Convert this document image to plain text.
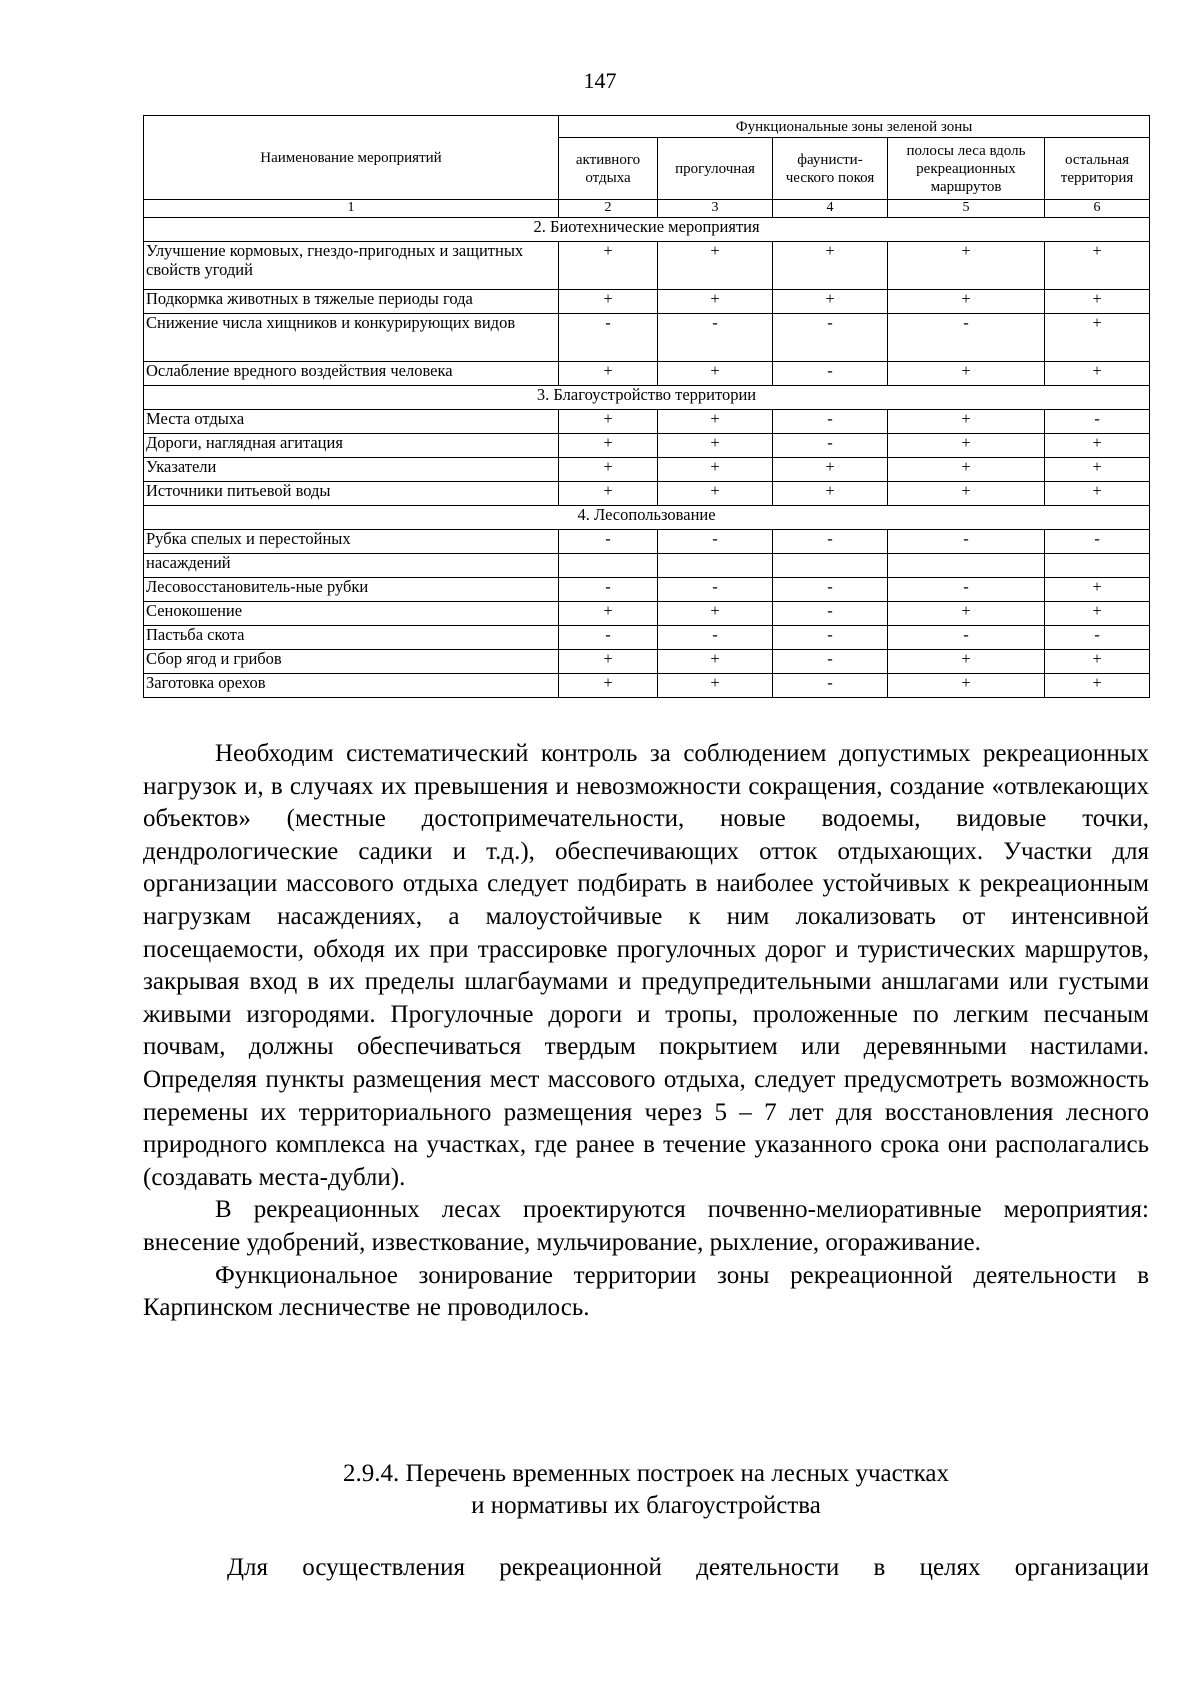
147
Наименование мероприятий	Функциональные зоны зеленой зоны				
	активного отдыха	прогулочная	фаунисти-ческого покоя	полосы леса вдоль рекреационных маршрутов	остальная территория
1	2	3	4	5	6
2. Биотехнические мероприятия					
Улучшение кормовых, гнездо-пригодных и защитных свойств угодий	+	+	+	+	+
Подкормка животных в тяжелые периоды года	+	+	+	+	+
Снижение числа хищников и конкурирующих видов	-	-	-	-	+
Ослабление вредного воздействия человека	+	+	-	+	+
3. Благоустройство территории					
Места отдыха	+	+	-	+	-
Дороги, наглядная агитация	+	+	-	+	+
Указатели	+	+	+	+	+
Источники питьевой воды	+	+	+	+	+
4. Лесопользование					
Рубка спелых и перестойных	-	-	-	-	-
насаждений					
Лесовосстановитель-ные рубки	-	-	-	-	+
Сенокошение	+	+	-	+	+
Пастьба скота	-	-	-	-	-
Сбор ягод и грибов	+	+	-	+	+
Заготовка орехов	+	+	-	+	+

Необходим систематический контроль за соблюдением допустимых рекреационных нагрузок и, в случаях их превышения и невозможности сокращения, создание «отвлекающих объектов» (местные достопримечательности, новые водоемы, видовые точки, дендрологические садики и т.д.), обеспечивающих отток отдыхающих. Участки для организации массового отдыха следует подбирать в наиболее устойчивых к рекреационным нагрузкам насаждениях, а малоустойчивые к ним локализовать от интенсивной посещаемости, обходя их при трассировке прогулочных дорог и туристических маршрутов, закрывая вход в их пределы шлагбаумами и предупредительными аншлагами или густыми живыми изгородями. Прогулочные дороги и тропы, проложенные по легким песчаным почвам, должны обеспечиваться твердым покрытием или деревянными настилами. Определяя пункты размещения мест массового отдыха, следует предусмотреть возможность перемены их территориального размещения через 5 – 7 лет для восстановления лесного природного комплекса на участках, где ранее в течение указанного срока они располагались (создавать места-дубли).

В рекреационных лесах проектируются почвенно-мелиоративные мероприятия: внесение удобрений, известкование, мульчирование, рыхление, огораживание.

Функциональное зонирование территории зоны рекреационной деятельности в Карпинском лесничестве не проводилось.

2.9.4. Перечень временных построек на лесных участках
и нормативы их благоустройства
Для осуществления рекреационной деятельности в целях организации
